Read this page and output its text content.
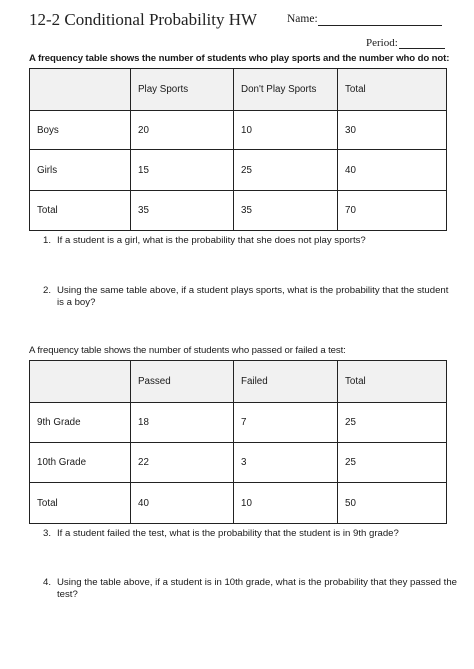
12-2 Conditional Probability HW	Name:
Period:
A frequency table shows the number of students who play sports and the number who do not:
	Play Sports	Don't Play Sports	Total
Boys	20	10	30
Girls	15	25	40
Total	35	35	70
1. If a student is a girl, what is the probability that she does not play sports?
2. Using the same table above, if a student plays sports, what is the probability that the student
is a boy?
A frequency table shows the number of students who passed or failed a test:
	Passed	Failed	Total
9th Grade	18	7	25
10th Grade	22	3	25
Total	40	10	50
3. If a student failed the test, what is the probability that the student is in 9th grade?
4. Using the table above, if a student is in 10th grade, what is the probability that they passed the
test?
